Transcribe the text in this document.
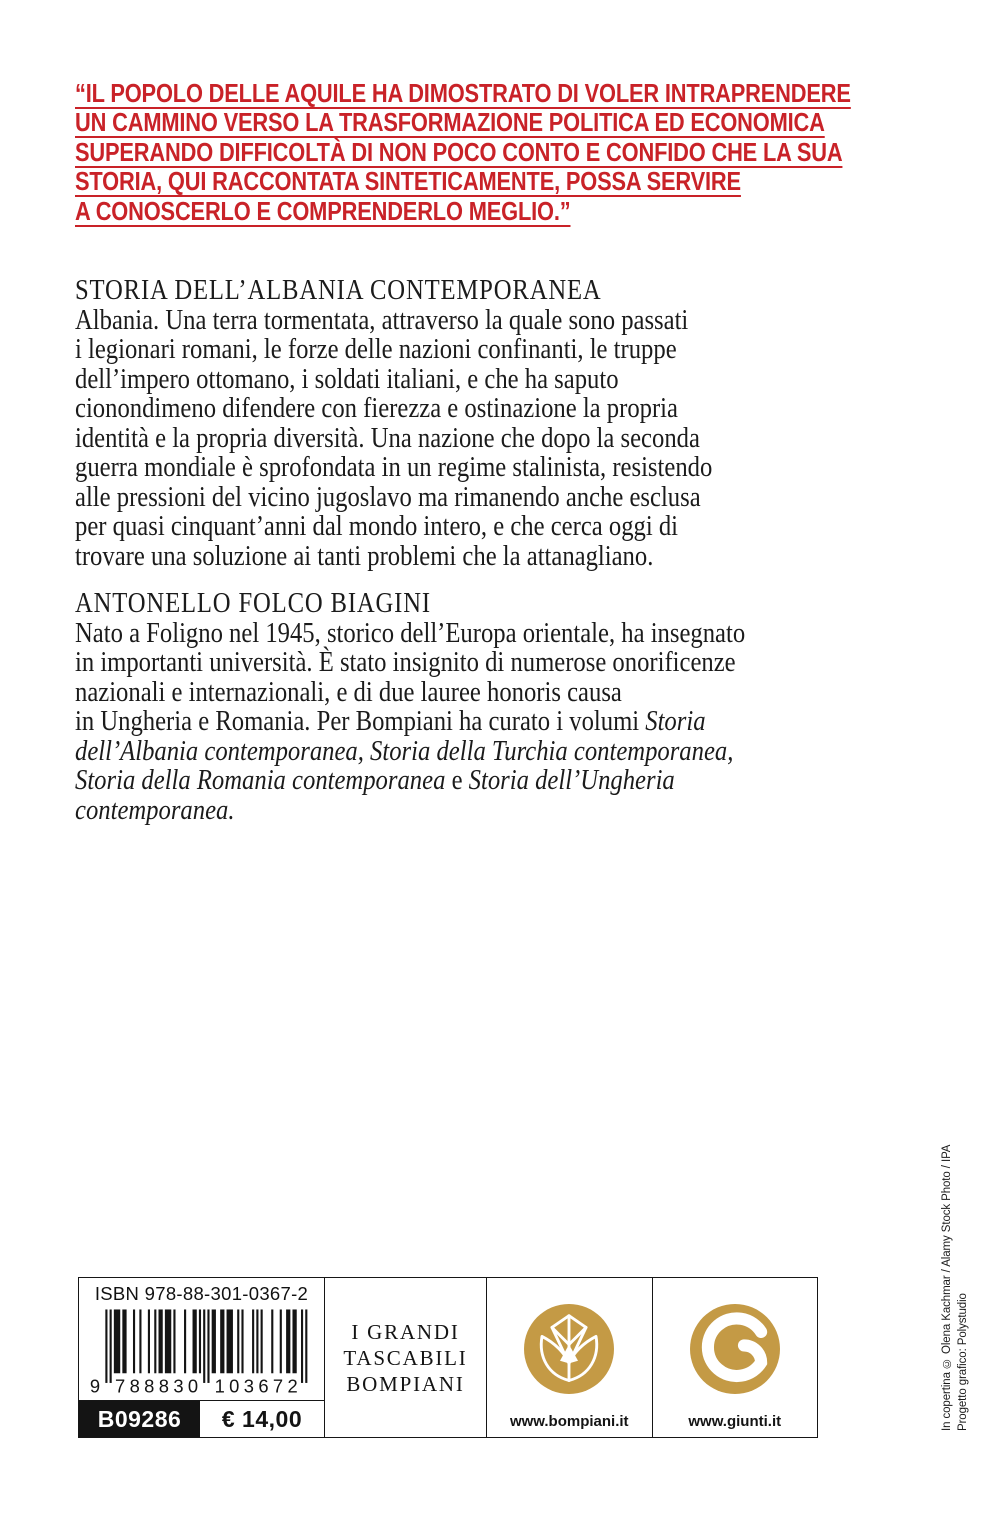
“IL POPOLO DELLE AQUILE HA DIMOSTRATO DI VOLER INTRAPRENDERE
UN CAMMINO VERSO LA TRASFORMAZIONE POLITICA ED ECONOMICA
SUPERANDO DIFFICOLTÀ DI NON POCO CONTO E CONFIDO CHE LA SUA
STORIA, QUI RACCONTATA SINTETICAMENTE, POSSA SERVIRE
A CONOSCERLO E COMPRENDERLO MEGLIO.”
STORIA DELL’ALBANIA CONTEMPORANEA
Albania. Una terra tormentata, attraverso la quale sono passati
i legionari romani, le forze delle nazioni confinanti, le truppe
dell’impero ottomano, i soldati italiani, e che ha saputo
cionondimeno difendere con fierezza e ostinazione la propria
identità e la propria diversità. Una nazione che dopo la seconda
guerra mondiale è sprofondata in un regime stalinista, resistendo
alle pressioni del vicino jugoslavo ma rimanendo anche esclusa
per quasi cinquant’anni dal mondo intero, e che cerca oggi di
trovare una soluzione ai tanti problemi che la attanagliano.
ANTONELLO FOLCO BIAGINI
Nato a Foligno nel 1945, storico dell’Europa orientale, ha insegnato
in importanti università. È stato insignito di numerose onorificenze
nazionali e internazionali, e di due lauree honoris causa
in Ungheria e Romania. Per Bompiani ha curato i volumi Storia
dell’Albania contemporanea, Storia della Turchia contemporanea,
Storia della Romania contemporanea e Storia dell’Ungheria
contemporanea.
ISBN 978-88-301-0367-2
9 788830 103672
B09286	€ 14,00
I GRANDI
TASCABILI
BOMPIANI
www.bompiani.it	www.giunti.it	In copertina © Olena Kachmar / Alamy Stock Photo / IPA Progetto grafico: Polystudio
